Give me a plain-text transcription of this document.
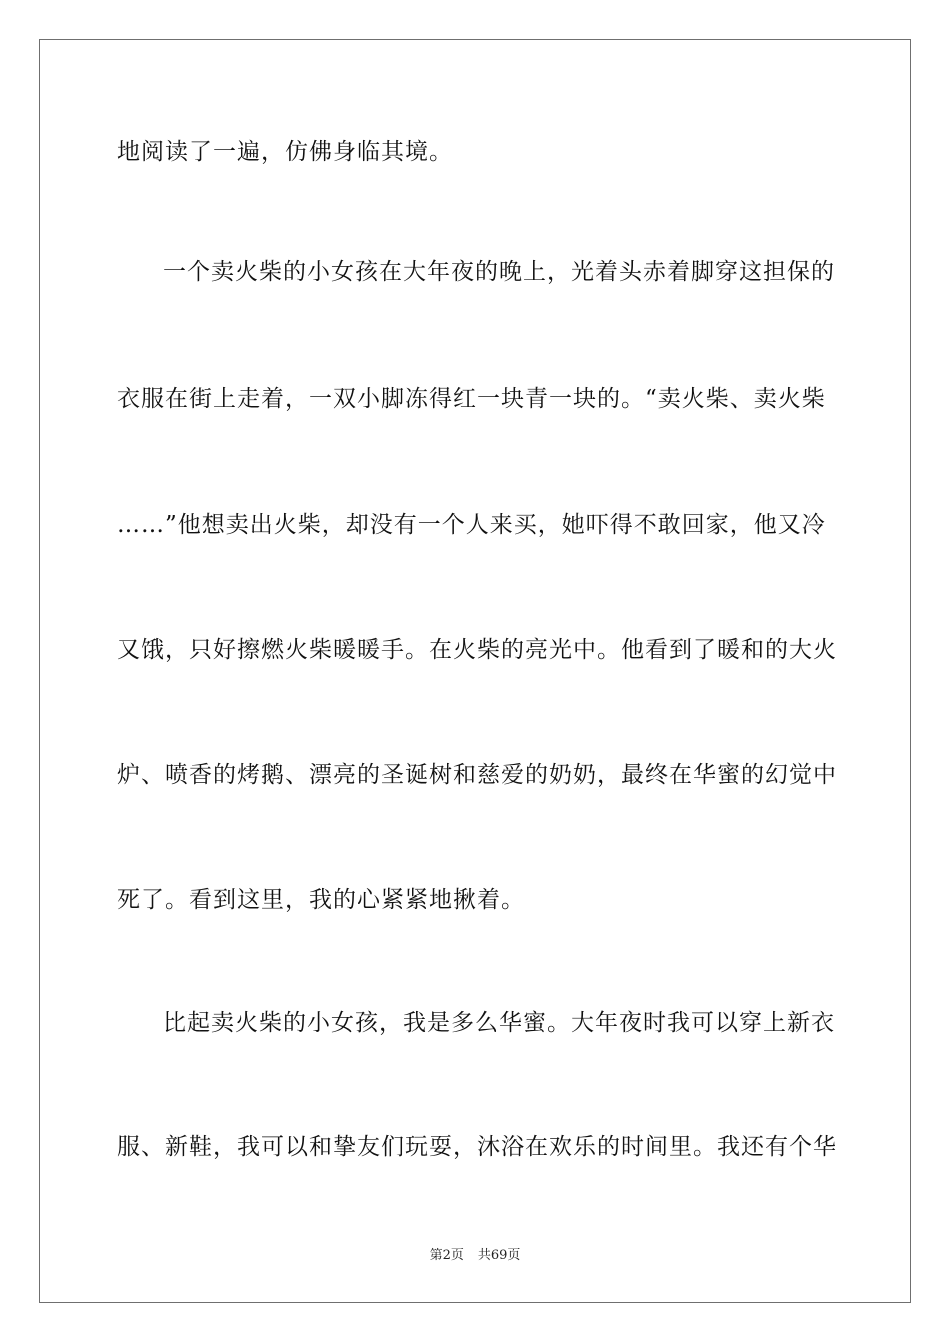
地阅读了一遍，仿佛身临其境。
一个卖火柴的小女孩在大年夜的晚上，光着头赤着脚穿这担保的
衣服在街上走着，一双小脚冻得红一块青一块的。“卖火柴、卖火柴
……”他想卖出火柴，却没有一个人来买，她吓得不敢回家，他又冷
又饿，只好擦燃火柴暖暖手。在火柴的亮光中。他看到了暖和的大火
炉、喷香的烤鹅、漂亮的圣诞树和慈爱的奶奶，最终在华蜜的幻觉中
死了。看到这里，我的心紧紧地揪着。
比起卖火柴的小女孩，我是多么华蜜。大年夜时我可以穿上新衣
服、新鞋，我可以和挚友们玩耍，沐浴在欢乐的时间里。我还有个华
第2页 共69页
